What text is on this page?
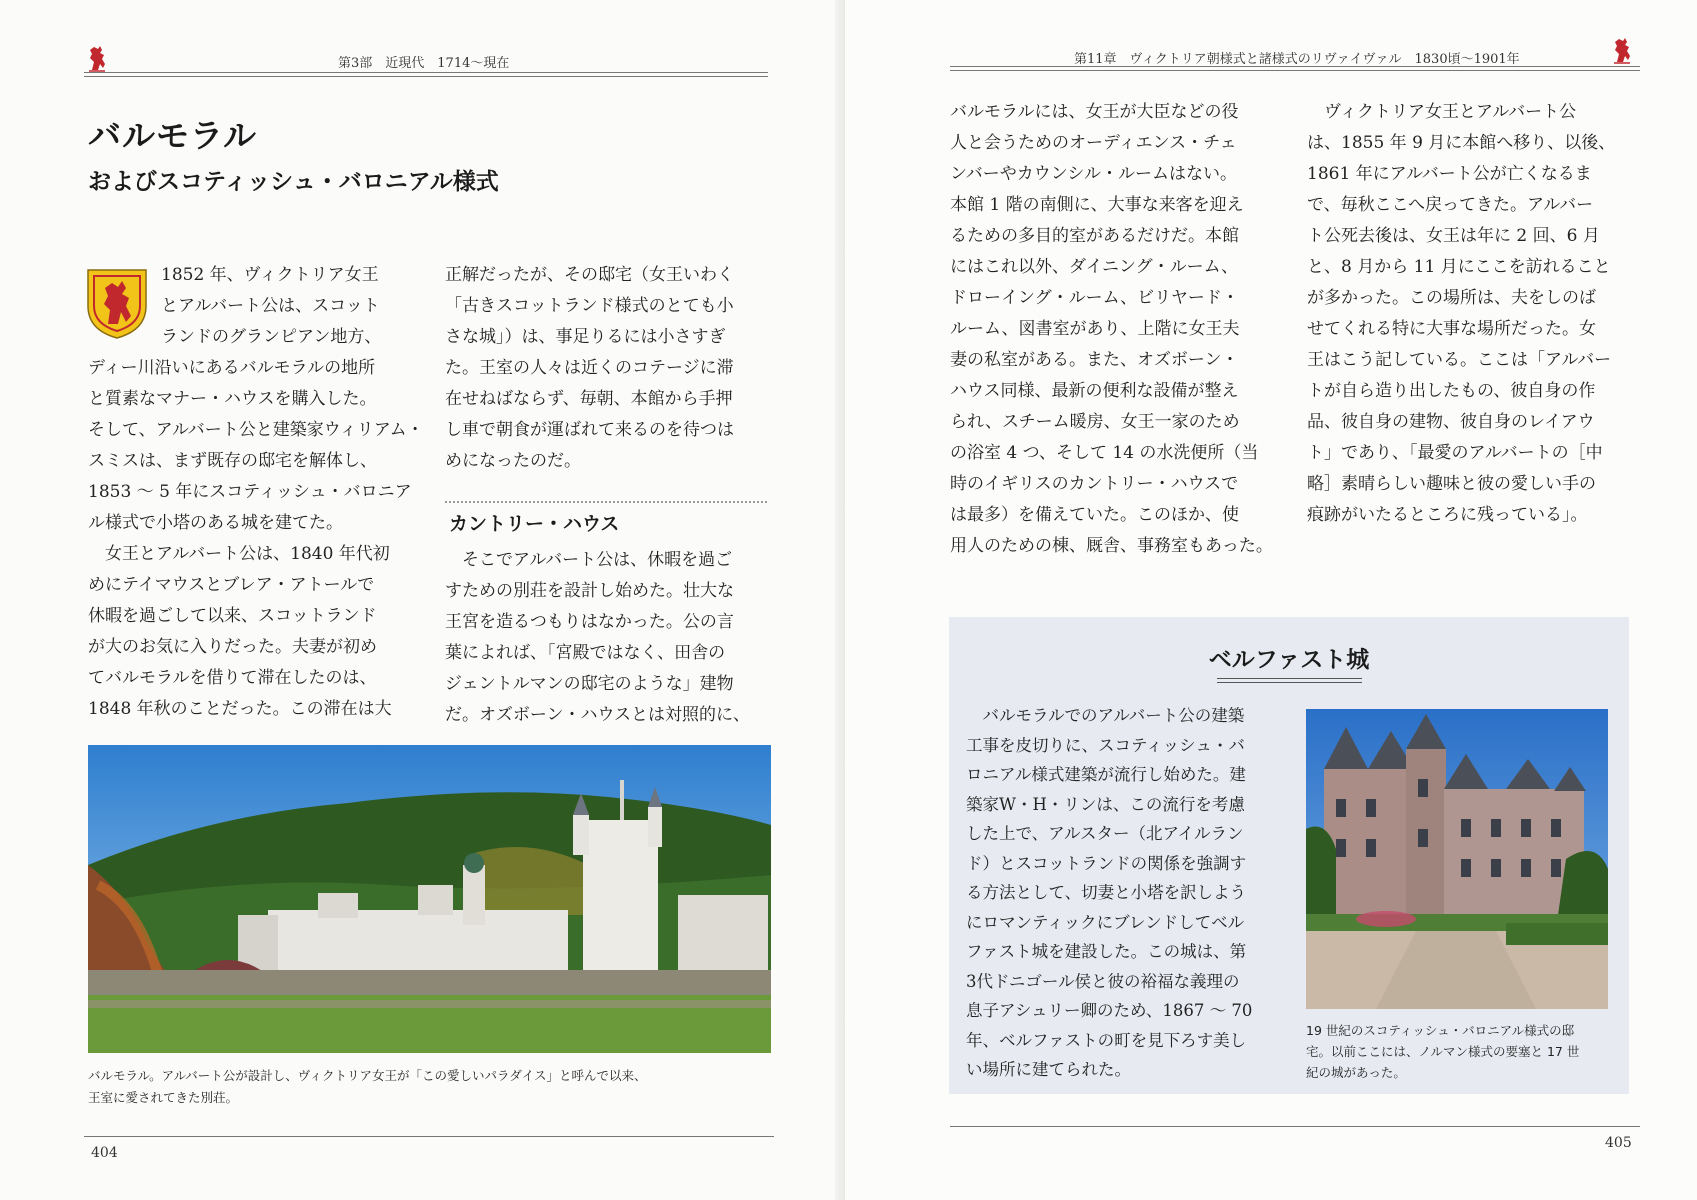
第3部　近現代　1714～現在
バルモラル
およびスコティッシュ・バロニアル様式
1852 年、ヴィクトリア女王
とアルバート公は、スコット
ランドのグランピアン地方、
ディー川沿いにあるバルモラルの地所
と質素なマナー・ハウスを購入した。
そして、アルバート公と建築家ウィリアム・
スミスは、まず既存の邸宅を解体し、
1853 ～ 5 年にスコティッシュ・バロニア
ル様式で小塔のある城を建てた。
　女王とアルバート公は、1840 年代初
めにテイマウスとブレア・アトールで
休暇を過ごして以来、スコットランド
が大のお気に入りだった。夫妻が初め
てバルモラルを借りて滞在したのは、
1848 年秋のことだった。この滞在は大
正解だったが、その邸宅（女王いわく
「古きスコットランド様式のとても小
さな城」）は、事足りるには小さすぎ
た。王室の人々は近くのコテージに滞
在せねばならず、毎朝、本館から手押
し車で朝食が運ばれて来るのを待つは
めになったのだ。
カントリー・ハウス
　そこでアルバート公は、休暇を過ご
すための別荘を設計し始めた。壮大な
王宮を造るつもりはなかった。公の言
葉によれば、「宮殿ではなく、田舎の
ジェントルマンの邸宅のような」建物
だ。オズボーン・ハウスとは対照的に、
バルモラル。アルバート公が設計し、ヴィクトリア女王が「この愛しいパラダイス」と呼んで以来、
王室に愛されてきた別荘。
404
第11章　ヴィクトリア朝様式と諸様式のリヴァイヴァル　1830頃～1901年
バルモラルには、女王が大臣などの役
人と会うためのオーディエンス・チェ
ンバーやカウンシル・ルームはない。
本館 1 階の南側に、大事な来客を迎え
るための多目的室があるだけだ。本館
にはこれ以外、ダイニング・ルーム、
ドローイング・ルーム、ビリヤード・
ルーム、図書室があり、上階に女王夫
妻の私室がある。また、オズボーン・
ハウス同様、最新の便利な設備が整え
られ、スチーム暖房、女王一家のため
の浴室 4 つ、そして 14 の水洗便所（当
時のイギリスのカントリー・ハウスで
は最多）を備えていた。このほか、使
用人のための棟、厩舎、事務室もあった。
　ヴィクトリア女王とアルバート公
は、1855 年 9 月に本館へ移り、以後、
1861 年にアルバート公が亡くなるま
で、毎秋ここへ戻ってきた。アルバー
ト公死去後は、女王は年に 2 回、6 月
と、8 月から 11 月にここを訪れること
が多かった。この場所は、夫をしのば
せてくれる特に大事な場所だった。女
王はこう記している。ここは「アルバー
トが自ら造り出したもの、彼自身の作
品、彼自身の建物、彼自身のレイアウ
ト」であり、「最愛のアルバートの［中
略］素晴らしい趣味と彼の愛しい手の
痕跡がいたるところに残っている」。
405
ベルファスト城
　バルモラルでのアルバート公の建築
工事を皮切りに、スコティッシュ・バ
ロニアル様式建築が流行し始めた。建
築家W・H・リンは、この流行を考慮
した上で、アルスター（北アイルラン
ド）とスコットランドの関係を強調す
る方法として、切妻と小塔を訳しよう
にロマンティックにブレンドしてベル
ファスト城を建設した。この城は、第
3代ドニゴール侯と彼の裕福な義理の
息子アシュリー卿のため、1867 ～ 70
年、ベルファストの町を見下ろす美し
い場所に建てられた。
19 世紀のスコティッシュ・バロニアル様式の邸
宅。以前ここには、ノルマン様式の要塞と 17 世
紀の城があった。
